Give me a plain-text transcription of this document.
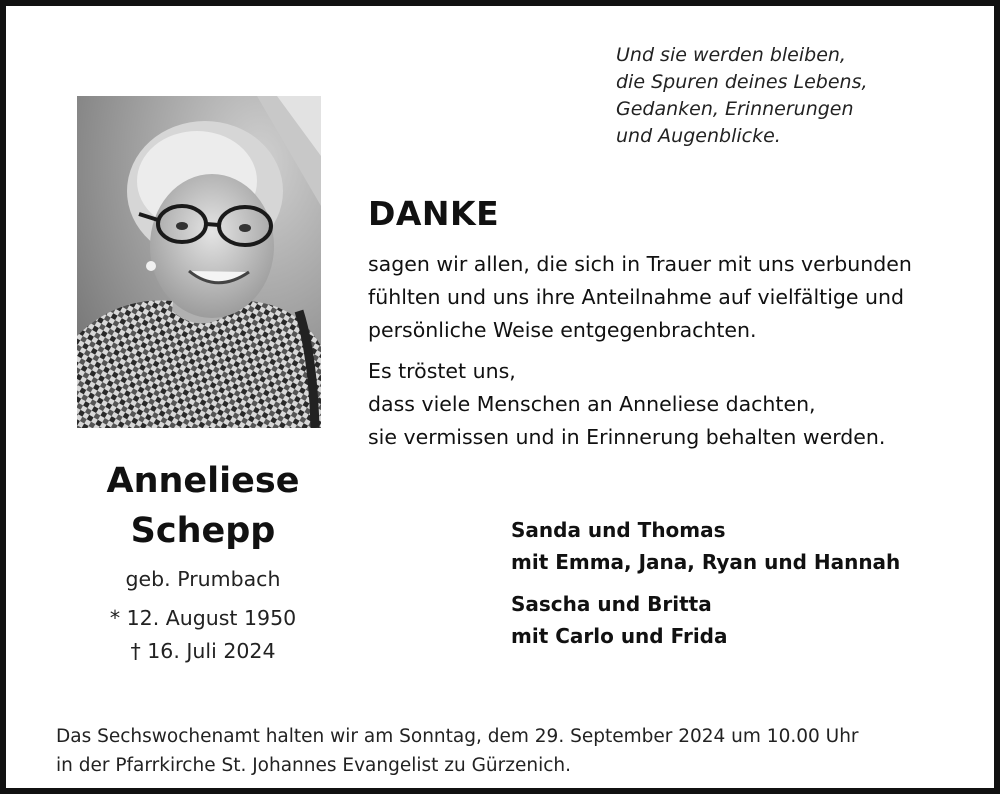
Und sie werden bleiben,
die Spuren deines Lebens,
Gedanken, Erinnerungen
und Augenblicke.
DANKE
sagen wir allen, die sich in Trauer mit uns verbunden
fühlten und uns ihre Anteilnahme auf vielfältige und
persönliche Weise entgegenbrachten.
Es tröstet uns,
dass viele Menschen an Anneliese dachten,
sie vermissen und in Erinnerung behalten werden.
Anneliese
Schepp
geb. Prumbach
* 12. August 1950
† 16. Juli 2024
Sanda und Thomas
mit Emma, Jana, Ryan und Hannah
Sascha und Britta
mit Carlo und Frida
Das Sechswochenamt halten wir am Sonntag, dem 29. September 2024 um 10.00 Uhr
in der Pfarrkirche St. Johannes Evangelist zu Gürzenich.
